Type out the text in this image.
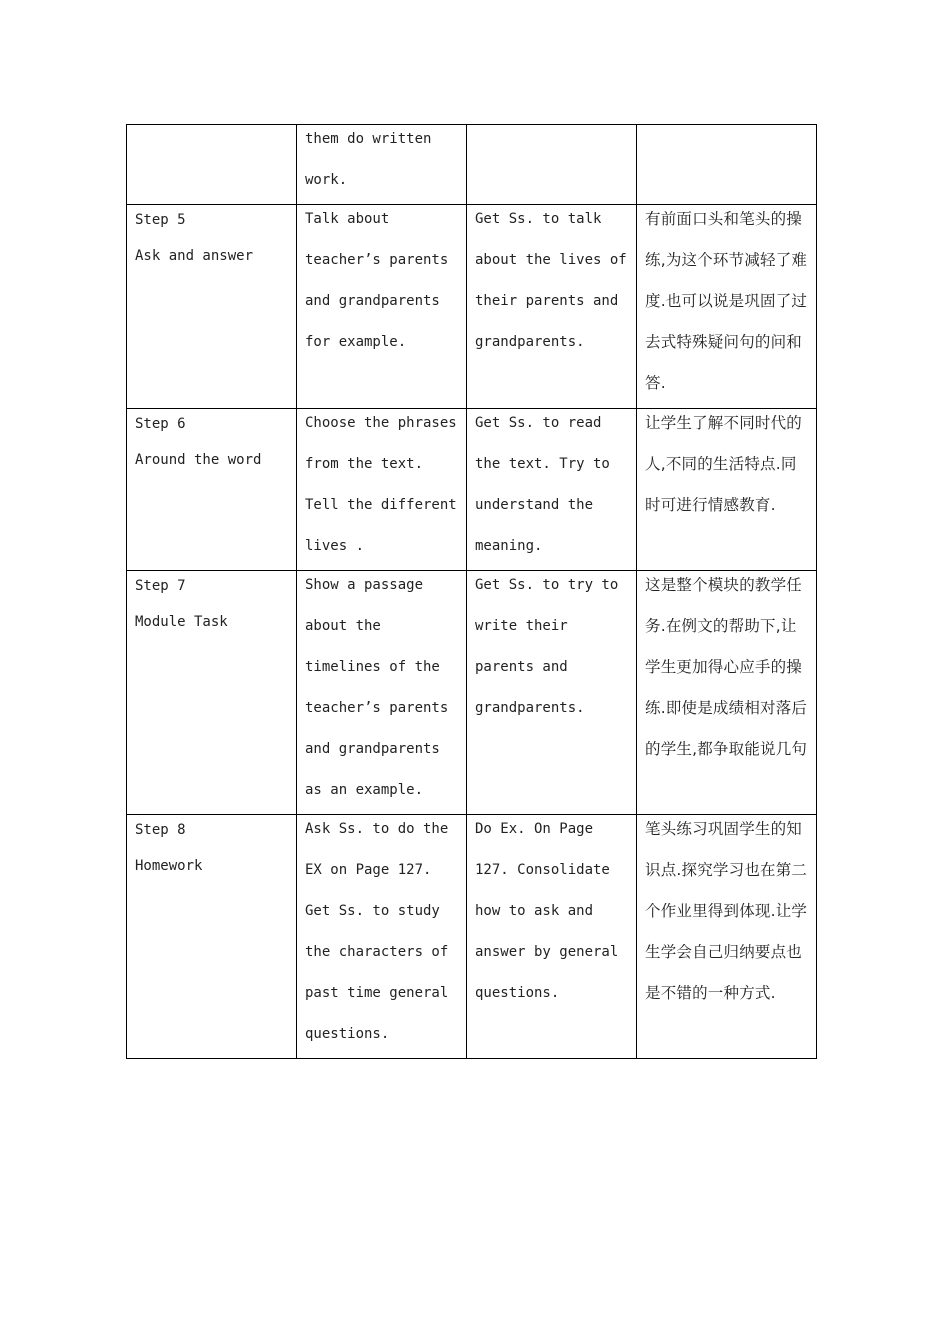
	them do written work.		

Step 5
Ask and answer	Talk about teacher’s parents and grandparents for example.	Get Ss. to talk about the lives of their parents and grandparents.	有前面口头和笔头的操练,为这个环节减轻了难度.也可以说是巩固了过去式特殊疑问句的问和答.

Step 6
Around the word	Choose the phrases from the text. Tell the different lives .	Get Ss. to read the text. Try to understand the meaning.	让学生了解不同时代的人,不同的生活特点.同时可进行情感教育.

Step 7
Module Task	Show a passage about the timelines of the teacher’s parents and grandparents as an example.	Get Ss. to try to write their parents and grandparents.	这是整个模块的教学任务.在例文的帮助下,让学生更加得心应手的操练.即使是成绩相对落后的学生,都争取能说几句

Step 8
Homework	Ask Ss. to do the EX on Page 127. Get Ss. to study the characters of past time general questions.	Do Ex. On Page 127. Consolidate how to ask and answer by general questions.	笔头练习巩固学生的知识点.探究学习也在第二个作业里得到体现.让学生学会自己归纳要点也是不错的一种方式.
